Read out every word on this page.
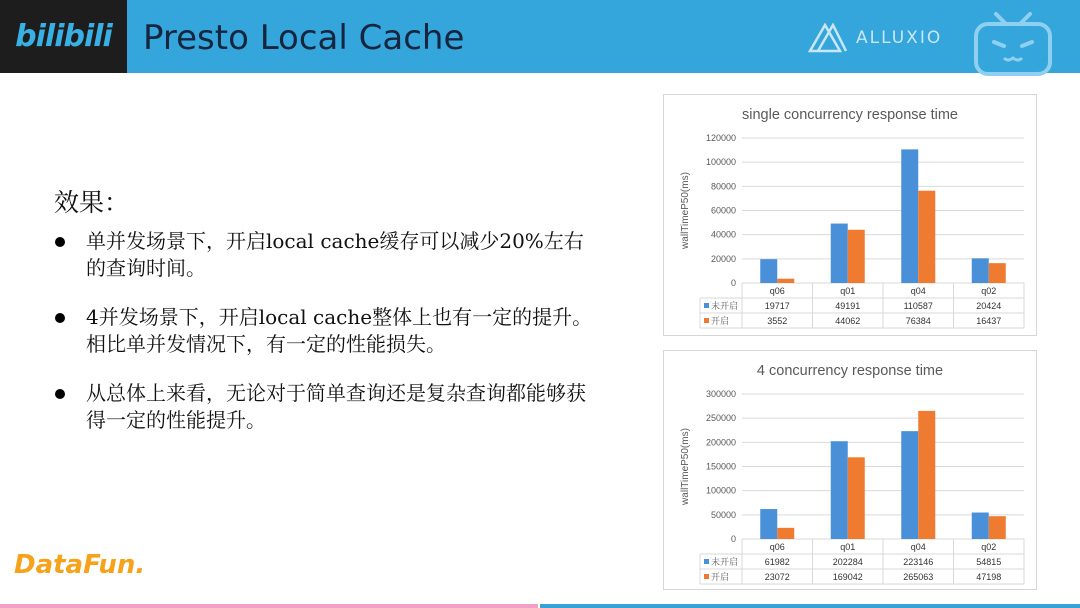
bilibili Presto Local Cache	ALLUXIO
效果：
单并发场景下，开启local cache缓存可以减少20%左右的查询时间。
4并发场景下，开启local cache整体上也有一定的提升。相比单并发情况下，有一定的性能损失。
从总体上来看，无论对于简单查询还是复杂查询都能够获得一定的性能提升。
DataFun.
single concurrency response time
wallTimeP50(ms)
0
20000
40000
60000
80000
100000
120000
q06	q01	q04	q02
未开启	19717	49191	110587	20424
开启	3552	44062	76384	16437
4 concurrency response time
wallTimeP50(ms)
0
50000
100000
150000
200000
250000
300000
q06	q01	q04	q02
未开启	61982	202284	223146	54815
开启	23072	169042	265063	47198
